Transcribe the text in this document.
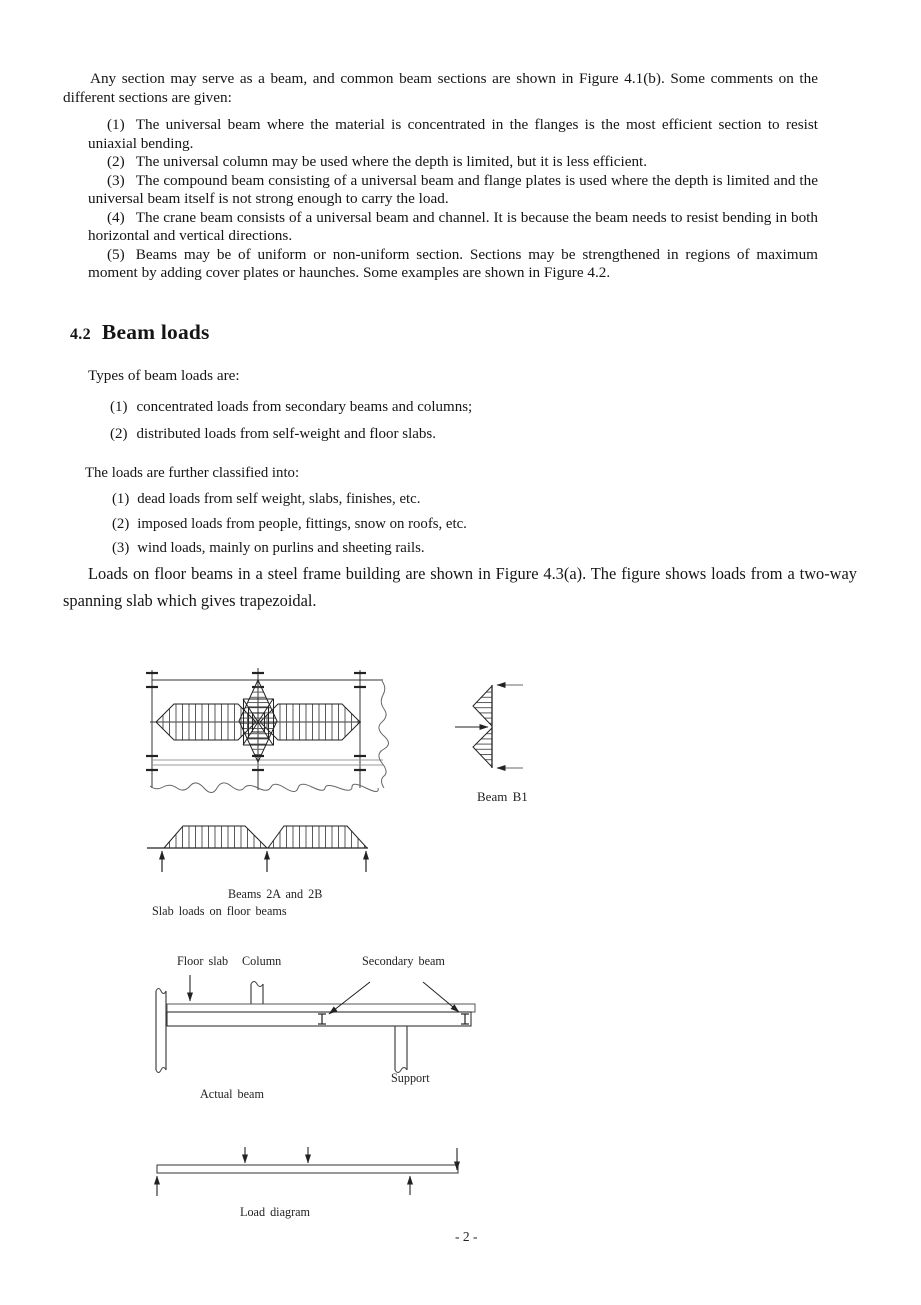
Any section may serve as a beam, and common beam sections are shown in Figure 4.1(b). Some comments on the different sections are given:
(1) The universal beam where the material is concentrated in the flanges is the most efficient section to resist uniaxial bending.
(2) The universal column may be used where the depth is limited, but it is less efficient.
(3) The compound beam consisting of a universal beam and flange plates is used where the depth is limited and the universal beam itself is not strong enough to carry the load.
(4) The crane beam consists of a universal beam and channel. It is because the beam needs to resist bending in both horizontal and vertical directions.
(5) Beams may be of uniform or non-uniform section. Sections may be strengthened in regions of maximum moment by adding cover plates or haunches. Some examples are shown in Figure 4.2.
4.2 Beam loads
Types of beam loads are:
(1) concentrated loads from secondary beams and columns;
(2) distributed loads from self-weight and floor slabs.
The loads are further classified into:
(1) dead loads from self weight, slabs, finishes, etc.
(2) imposed loads from people, fittings, snow on roofs, etc.
(3) wind loads, mainly on purlins and sheeting rails.
Loads on floor beams in a steel frame building are shown in Figure 4.3(a). The figure shows loads from a two-way spanning slab which gives trapezoidal.
Beam B1
Beams 2A and 2B
Slab loads on floor beams
Floor slab Column	Secondary beam
Support
Actual beam
Load diagram
- 2 -
